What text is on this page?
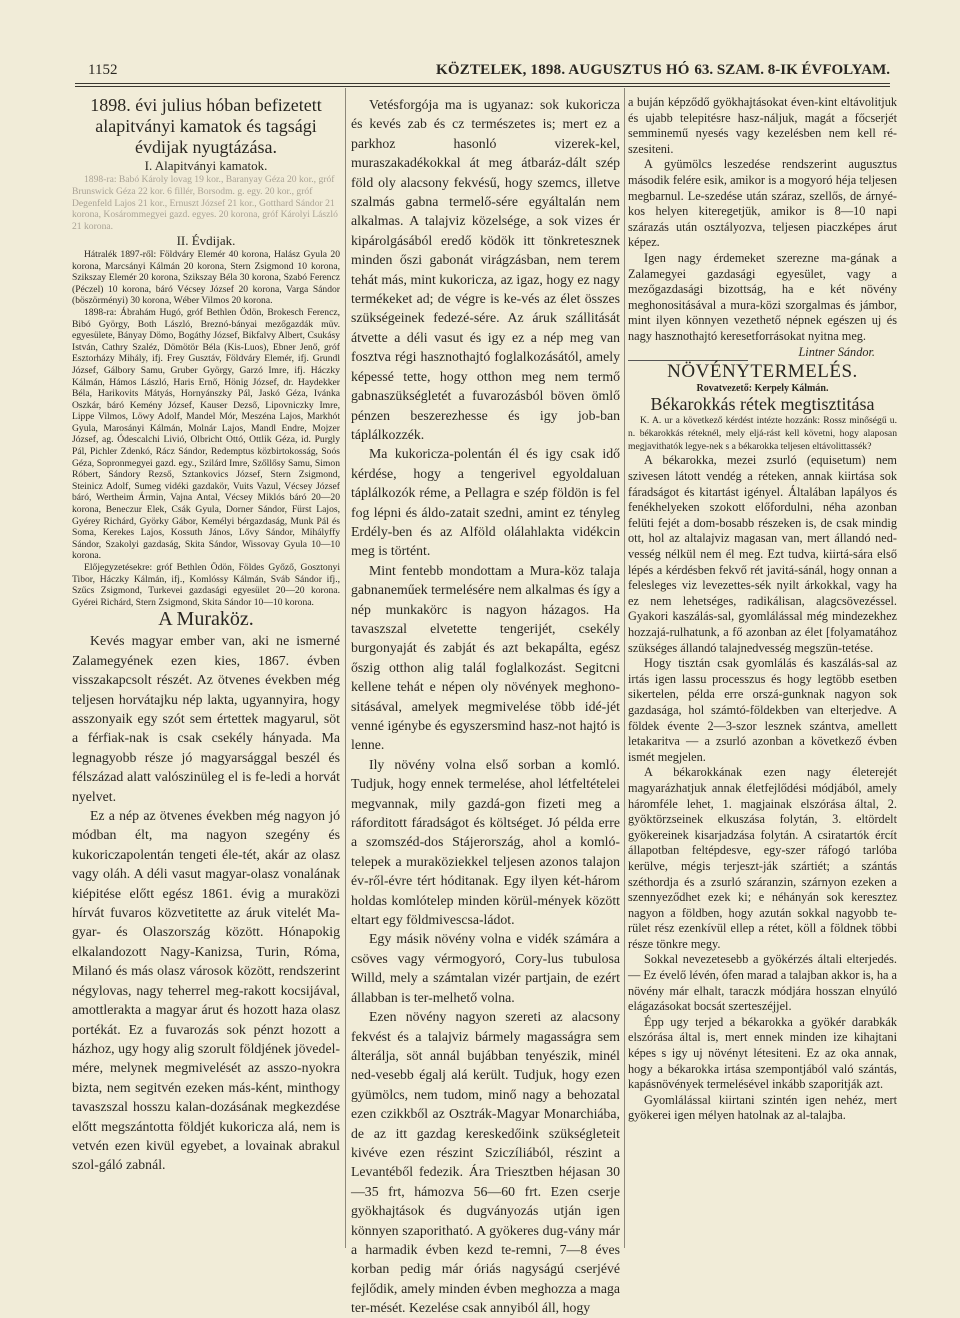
1152	KÖZTELEK, 1898. AUGUSZTUS HÓ 63. SZAM. 8-IK ÉVFOLYAM.
1898. évi julius hóban befizetett alapitványi kamatok és tagsági évdijak nyugtázása.
I. Alapitványi kamatok.
1898-ra: Babó Károly lovag 19 kor., Baranyay Géza 20 kor., gróf Brunswick Géza 22 kor. 6 fillér, Borsodm. g. egy. 20 kor., gróf Degenfeld Lajos 21 kor., Ernuszt József 21 kor., Gotthard Sándor 21 korona, Kosárommegyei gazd. egyes. 20 korona, gróf Károlyi László 21 korona.
II. Évdijak.

Hátralék 1897-ről: Földváry Elemér 40 korona, Halász Gyula 20 korona, Marcsányi Kálmán 20 korona, Stern Zsigmond 10 korona, Szikszay Elemér 20 korona, Szikszay Béla 30 korona, Szabó Ferencz (Péczel) 10 korona, báró Vécsey József 20 korona, Varga Sándor (böszörményi) 30 korona, Wéber Vilmos 20 korona.

1898-ra: Ábrahám Hugó, gróf Bethlen Ödön, Brokesch Ferencz, Bibó György, Both László, Breznó-bányai mezőgazdák müv. egyesülete, Bányay Dömo, Bogáthy József, Bikfalvy Albert, Csukásy István, Cathry Szaléz, Dömötör Béla (Kis-Luos), Ebner Jenő, gróf Esztorházy Mihály, ifj. Frey Gusztáv, Földváry Elemér, ifj. Grundl József, Gálbory Samu, Gruber György, Garzó Imre, ifj. Háczky Kálmán, Hámos László, Haris Ernő, Hönig József, dr. Haydekker Béla, Harikovits Mátyás, Hornyánszky Pál, Jaskó Géza, Ivánka Oszkár, báró Kemény József, Kauser Dezső, Lipovniczky Imre, Lippe Vilmos, Löwy Adolf, Mandel Mór, Meszéna Lajos, Markhót Gyula, Marosányi Kálmán, Molnár Lajos, Mandl Endre, Mojzer József, ag. Ódescalchi Livió, Olbricht Ottó, Ottlik Géza, id. Purgly Pál, Pichler Zdenkó, Rácz Sándor, Redemptus közbirtokosság, Soós Géza, Sopronmegyei gazd. egy., Szilárd Imre, Szőllősy Samu, Simon Róbert, Sándory Rezső, Sztankovics József, Stern Zsigmond, Steinicz Adolf, Sumeg vidéki gazdakör, Vuits Vazul, Vécsey József báró, Wertheim Ármin, Vajna Antal, Vécsey Miklós báró 20—20 korona, Beneczur Elek, Csák Gyula, Dorner Sándor, Fürst Lajos, Gyérey Richárd, Györky Gábor, Kemélyi bérgazdaság, Munk Pál és Soma, Kerekes Lajos, Kossuth János, Lővy Sándor, Mihályffy Sándor, Szakolyi gazdaság, Skita Sándor, Wissovay Gyula 10—10 korona.

Előjegyzetésekre: gróf Bethlen Ödön, Földes Győző, Gosztonyi Tibor, Háczky Kálmán, ifj., Komlóssy Kálmán, Sváb Sándor ifj., Szűcs Zsigmond, Turkevei gazdasági egyesület 20—20 korona. Gyérei Richárd, Stern Zsigmond, Skita Sándor 10—10 korona.

A Muraköz.

Kevés magyar ember van, aki ne ismerné Zalamegyének ezen kies, 1867. évben visszakapcsolt részét. Az ötvenes években még teljesen horvátajku nép lakta, ugyannyira, hogy asszonyaik egy szót sem értettek magyarul, söt a férfiak-nak is csak csekély hányada. Ma legnagyobb része jó magyarsággal beszél és félszázad alatt valószinüleg el is fe-ledi a horvát nyelvet.

Ez a nép az ötvenes években még nagyon jó módban élt, ma nagyon szegény és kukoriczapolentán tengeti éle-tét, akár az olasz vagy oláh. A déli vasut magyar-olasz vonalának kiépitése előtt egész 1861. évig a muraközi hírvát fuvaros közvetitette az áruk vitelét Ma-gyar- és Olaszország között. Hónapokig elkalandozott Nagy-Kanizsa, Turin, Róma, Milanó és más olasz városok között, rendszerint négylovas, nagy teherrel meg-rakott kocsijával, amottlerakta a magyar árut és hozott haza olasz portékát. Ez a fuvarozás sok pénzt hozott a házhoz, ugy hogy alig szorult földjének jövedel-mére, melynek megmivelését az asszo-nyokra bizta, nem segitvén ezeken más-ként, minthogy tavaszszal hosszu kalan-dozásának megkezdése előtt megszántotta földjét kukoricza alá, nem is vetvén ezen kivül egyebet, a lovainak abrakul szol-gáló zabnál.

Vetésforgója ma is ugyanaz: sok kukoricza és kevés zab és cz természetes is; mert ez a parkhoz hasonló vizerek-kel, muraszakadékokkal át meg átbaráz-dált szép föld oly alacsony fekvésű, hogy szemcs, illetve szalmás gabna termelő-sére egyáltalán nem alkalmas. A talajviz közelsége, a sok vizes ér kipárolgásából eredő ködök itt tönkretesznek minden őszi gabonát virágzásban, nem terem tehát más, mint kukoricza, az igaz, hogy ez nagy termékeket ad; de végre is ke-vés az élet összes szükségeinek fedezé-sére. Az áruk szállitását átvette a déli vasut és igy ez a nép meg van fosztva régi hasznothajtó foglalkozásától, amely képessé tette, hogy otthon meg nem termő gabnaszükségletét a fuvarozásból böven ömlő pénzen beszerezhesse és igy job-ban táplálkozzék.

Ma kukoricza-polentán él és igy csak idő kérdése, hogy a tengerivel egyoldaluan táplálkozók réme, a Pellagra e szép földön is fel fog lépni és áldo-zatait szedni, amint ez tényleg Erdély-ben és az Alföld olálahlakta vidékcin meg is történt.

Mint fentebb mondottam a Mura-köz talaja gabnaneműek termelésére nem alkalmas és így a nép munkakörc is nagyon házagos. Ha tavaszszal elvetette tengerijét, csekély burgonyaját és zabját és azt bekapálta, egész őszig otthon alig talál foglalkozást. Segitcni kellene tehát e népen oly növények meghono-sitásával, amelyek megmivelése több idé-jét venné igénybe és egyszersmind hasz-not hajtó is lenne.

Ily növény volna első sorban a komló. Tudjuk, hogy ennek termelése, ahol létfeltételei megvannak, mily gazdá-gon fizeti meg a ráforditott fáradságot és költséget. Jó példa erre a szomszéd-dos Stájerország, ahol a komló-telepek a muraköziekkel teljesen azonos talajon év-ről-évre tért hóditanak. Egy ilyen két-három holdas komlótelep minden körül-mények között eltart egy földmivescsa-ládot.

Egy másik növény volna e vidék számára a csöves vagy vérmogyoró, Cory-lus tubulosa Willd, mely a számtalan vizér partjain, de ezért állabban is ter-melhető volna.

Ezen növény nagyon szereti az alacsony fekvést és a talajviz bármely magasságra sem álterálja, söt annál bujábban tenyészik, minél ned-vesebb égalj alá került. Tudjuk, hogy ezen gyümölcs, nem tudom, minő nagy a behozatal ezen czikkből az Osztrák-Magyar Monarchiába, de az itt gazdag kereskedőink szükségleteit kivéve ezen részint Sziczíliából, részint a Levantéből fedezik. Ára Triesztben héjasan 30—35 frt, hámozva 56—60 frt. Ezen cserje gyökhajtások és dugványozás utján igen könnyen szaporitható. A gyökeres dug-vány már a harmadik évben kezd te-remni, 7—8 éves korban pedig már óriás nagyságú cserjévé fejlődik, amely minden évben meghozza a maga ter-mését. Kezelése csak annyiból áll, hogy

a buján képződő gyökhajtásokat éven-kint eltávolitjuk és ujabb telepitésre hasz-náljuk, magát a főcserjét semminemű nyesés vagy kezelésben nem kell ré-szesiteni.

A gyümölcs leszedése rendszerint augusztus második felére esik, amikor is a mogyoró héja teljesen megbarnul. Le-szedése után száraz, szellős, de árnyé-kos helyen kiteregetjük, amikor is 8—10 napi szárazás után osztályozva, teljesen piaczképes árut képez.

Igen nagy érdemeket szerezne ma-gának a Zalamegyei gazdasági egyesület, vagy a mezőgazdasági bizottság, ha e két növény meghonositásával a mura-közi szorgalmas és jámbor, mint ilyen könnyen vezethető népnek egészen uj és nagy hasznothajtó keresetforrásokat nyitna meg.

Lintner Sándor.

NÖVÉNYTERMELÉS.
Rovatvezető: Kerpely Kálmán.
Békarokkás rétek megtisztitása

K. A. ur a következő kérdést intézte hozzánk: Rossz minőségű u. n. békarokkás réteknél, mely eljá-rást kell követni, hogy alaposan megjavithatók legye-nek s a békarokka teljesen eltávolittassék?

A békarokka, mezei zsurló (equisetum) nem szivesen látott vendég a réteken, annak kiirtása sok fáradságot és kitartást igényel. Általában lapályos és fenékhelyeken szokott előfordulni, néha azonban felüti fejét a dom-bosabb részeken is, de csak mindig ott, hol az altalajviz magasan van, mert állandó ned-vesség nélkül nem él meg. Ezt tudva, kiirtá-sára első lépés a kérdésben fekvő rét javitá-sánál, hogy onnan a felesleges viz levezettes-sék nyilt árkokkal, vagy ha ez nem lehetséges, radikálisan, alagcsövezéssel. Gyakori kaszálás-sal, gyomlálással még mindezekhez hozzajá-rulhatunk, a fő azonban az élet [folyamatához szükséges állandó talajnedvesség megszün-tetése.

Hogy tisztán csak gyomlálás és kaszálás-sal az irtás igen lassu processzus és hogy legtöbb esetben sikertelen, példa erre orszá-gunknak nagyon sok gazdasága, hol számtó-földekben van elterjedve. A földek évente 2—3-szor lesznek szántva, amellett letakaritva — a zsurló azonban a következő évben ismét megjelen.

A békarokkának ezen nagy életerejét magyarázhatjuk annak életfejlődési módjából, amely háromféle lehet, 1. magjainak elszórása által, 2. gyöktörzseinek elkuszása folytán, 3. eltördelt gyökereinek kisarjadzása folytán. A csiratartók ércít állapotban feltépdesve, egy-szer ráfogó tarlóba kerülve, mégis terjeszt-ják szártiét; a szántás széthordja és a zsurló száranzin, szárnyon ezeken a szennyeződhet ezek ki; e néhányán sok keresztez nagyon a földben, hogy azután sokkal nagyobb te-rület rész ezenkívül ellep a rétet, köll a földnek többi része tönkre megy.

Sokkal nevezetesebb a gyökérzés általi elterjedés. — Ez évelő lévén, ófen marad a talajban akkor is, ha a növény már elhalt, taraczk módjára hosszan elnyúló elágazásokat bocsát szerteszéjjel.

Épp ugy terjed a békarokka a gyökér darabkák elszórása által is, mert ennek minden ize kihajtani képes s igy uj növényt létesiteni. Ez az oka annak, hogy a békarokka irtása szempontjából való szántás, kapásnövények termelésével inkább szaporitják azt.

Gyomlálással kiirtani szintén igen nehéz, mert gyökerei igen mélyen hatolnak az al-talajba.
